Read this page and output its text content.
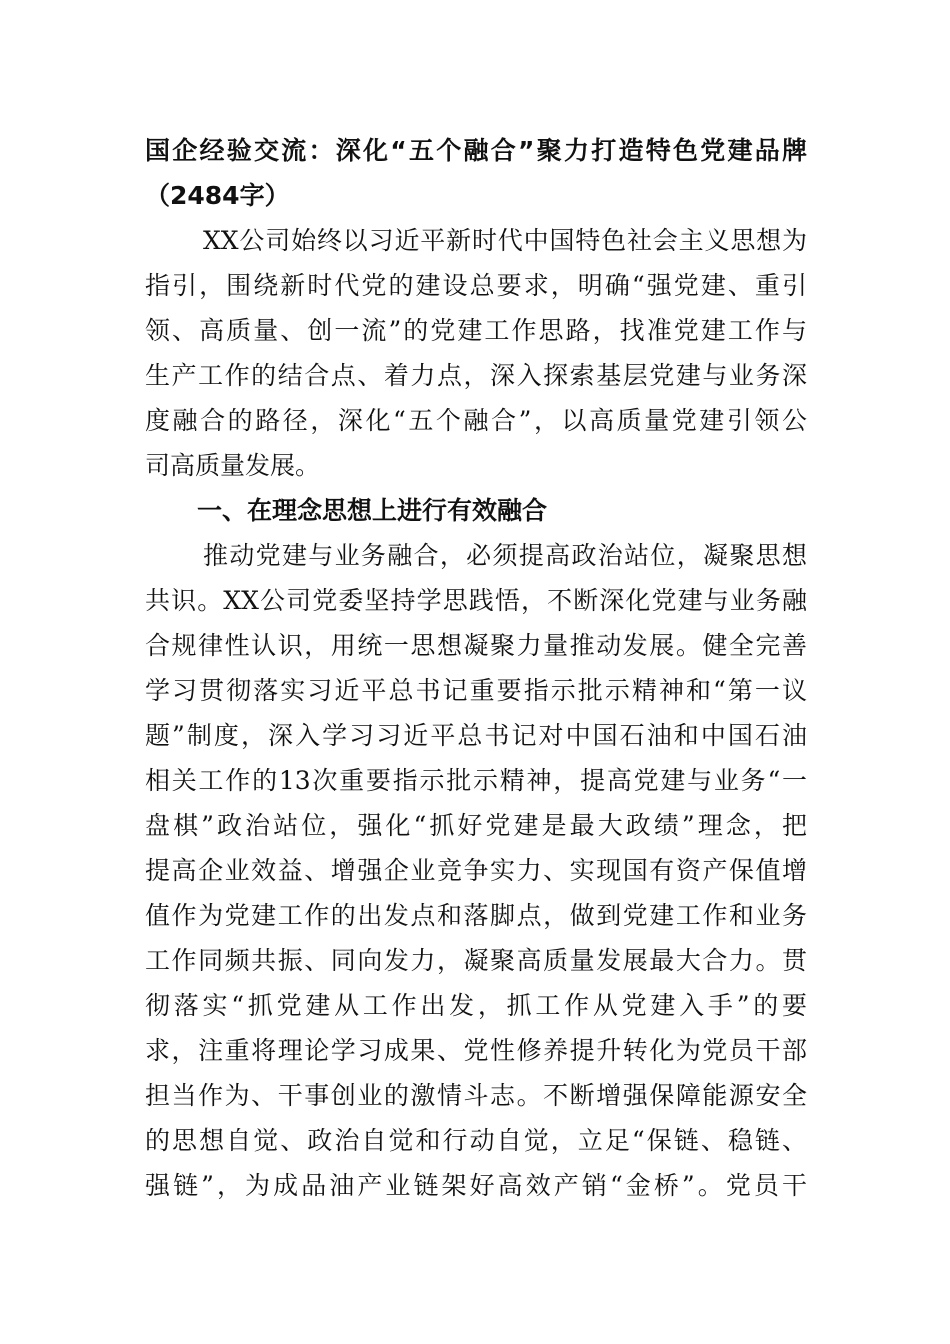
国企经验交流：深化“五个融合”聚力打造特色党建品牌
（2484字）
XX公司始终以习近平新时代中国特色社会主义思想为
指引，围绕新时代党的建设总要求，明确“强党建、重引
领、高质量、创一流”的党建工作思路，找准党建工作与
生产工作的结合点、着力点，深入探索基层党建与业务深
度融合的路径，深化“五个融合”，以高质量党建引领公
司高质量发展。
一、在理念思想上进行有效融合
推动党建与业务融合，必须提高政治站位，凝聚思想
共识。XX公司党委坚持学思践悟，不断深化党建与业务融
合规律性认识，用统一思想凝聚力量推动发展。健全完善
学习贯彻落实习近平总书记重要指示批示精神和“第一议
题”制度，深入学习习近平总书记对中国石油和中国石油
相关工作的13次重要指示批示精神，提高党建与业务“一
盘棋”政治站位，强化“抓好党建是最大政绩”理念，把
提高企业效益、增强企业竞争实力、实现国有资产保值增
值作为党建工作的出发点和落脚点，做到党建工作和业务
工作同频共振、同向发力，凝聚高质量发展最大合力。贯
彻落实“抓党建从工作出发，抓工作从党建入手”的要
求，注重将理论学习成果、党性修养提升转化为党员干部
担当作为、干事创业的激情斗志。不断增强保障能源安全
的思想自觉、政治自觉和行动自觉，立足“保链、稳链、
强链”，为成品油产业链架好高效产销“金桥”。党员干
